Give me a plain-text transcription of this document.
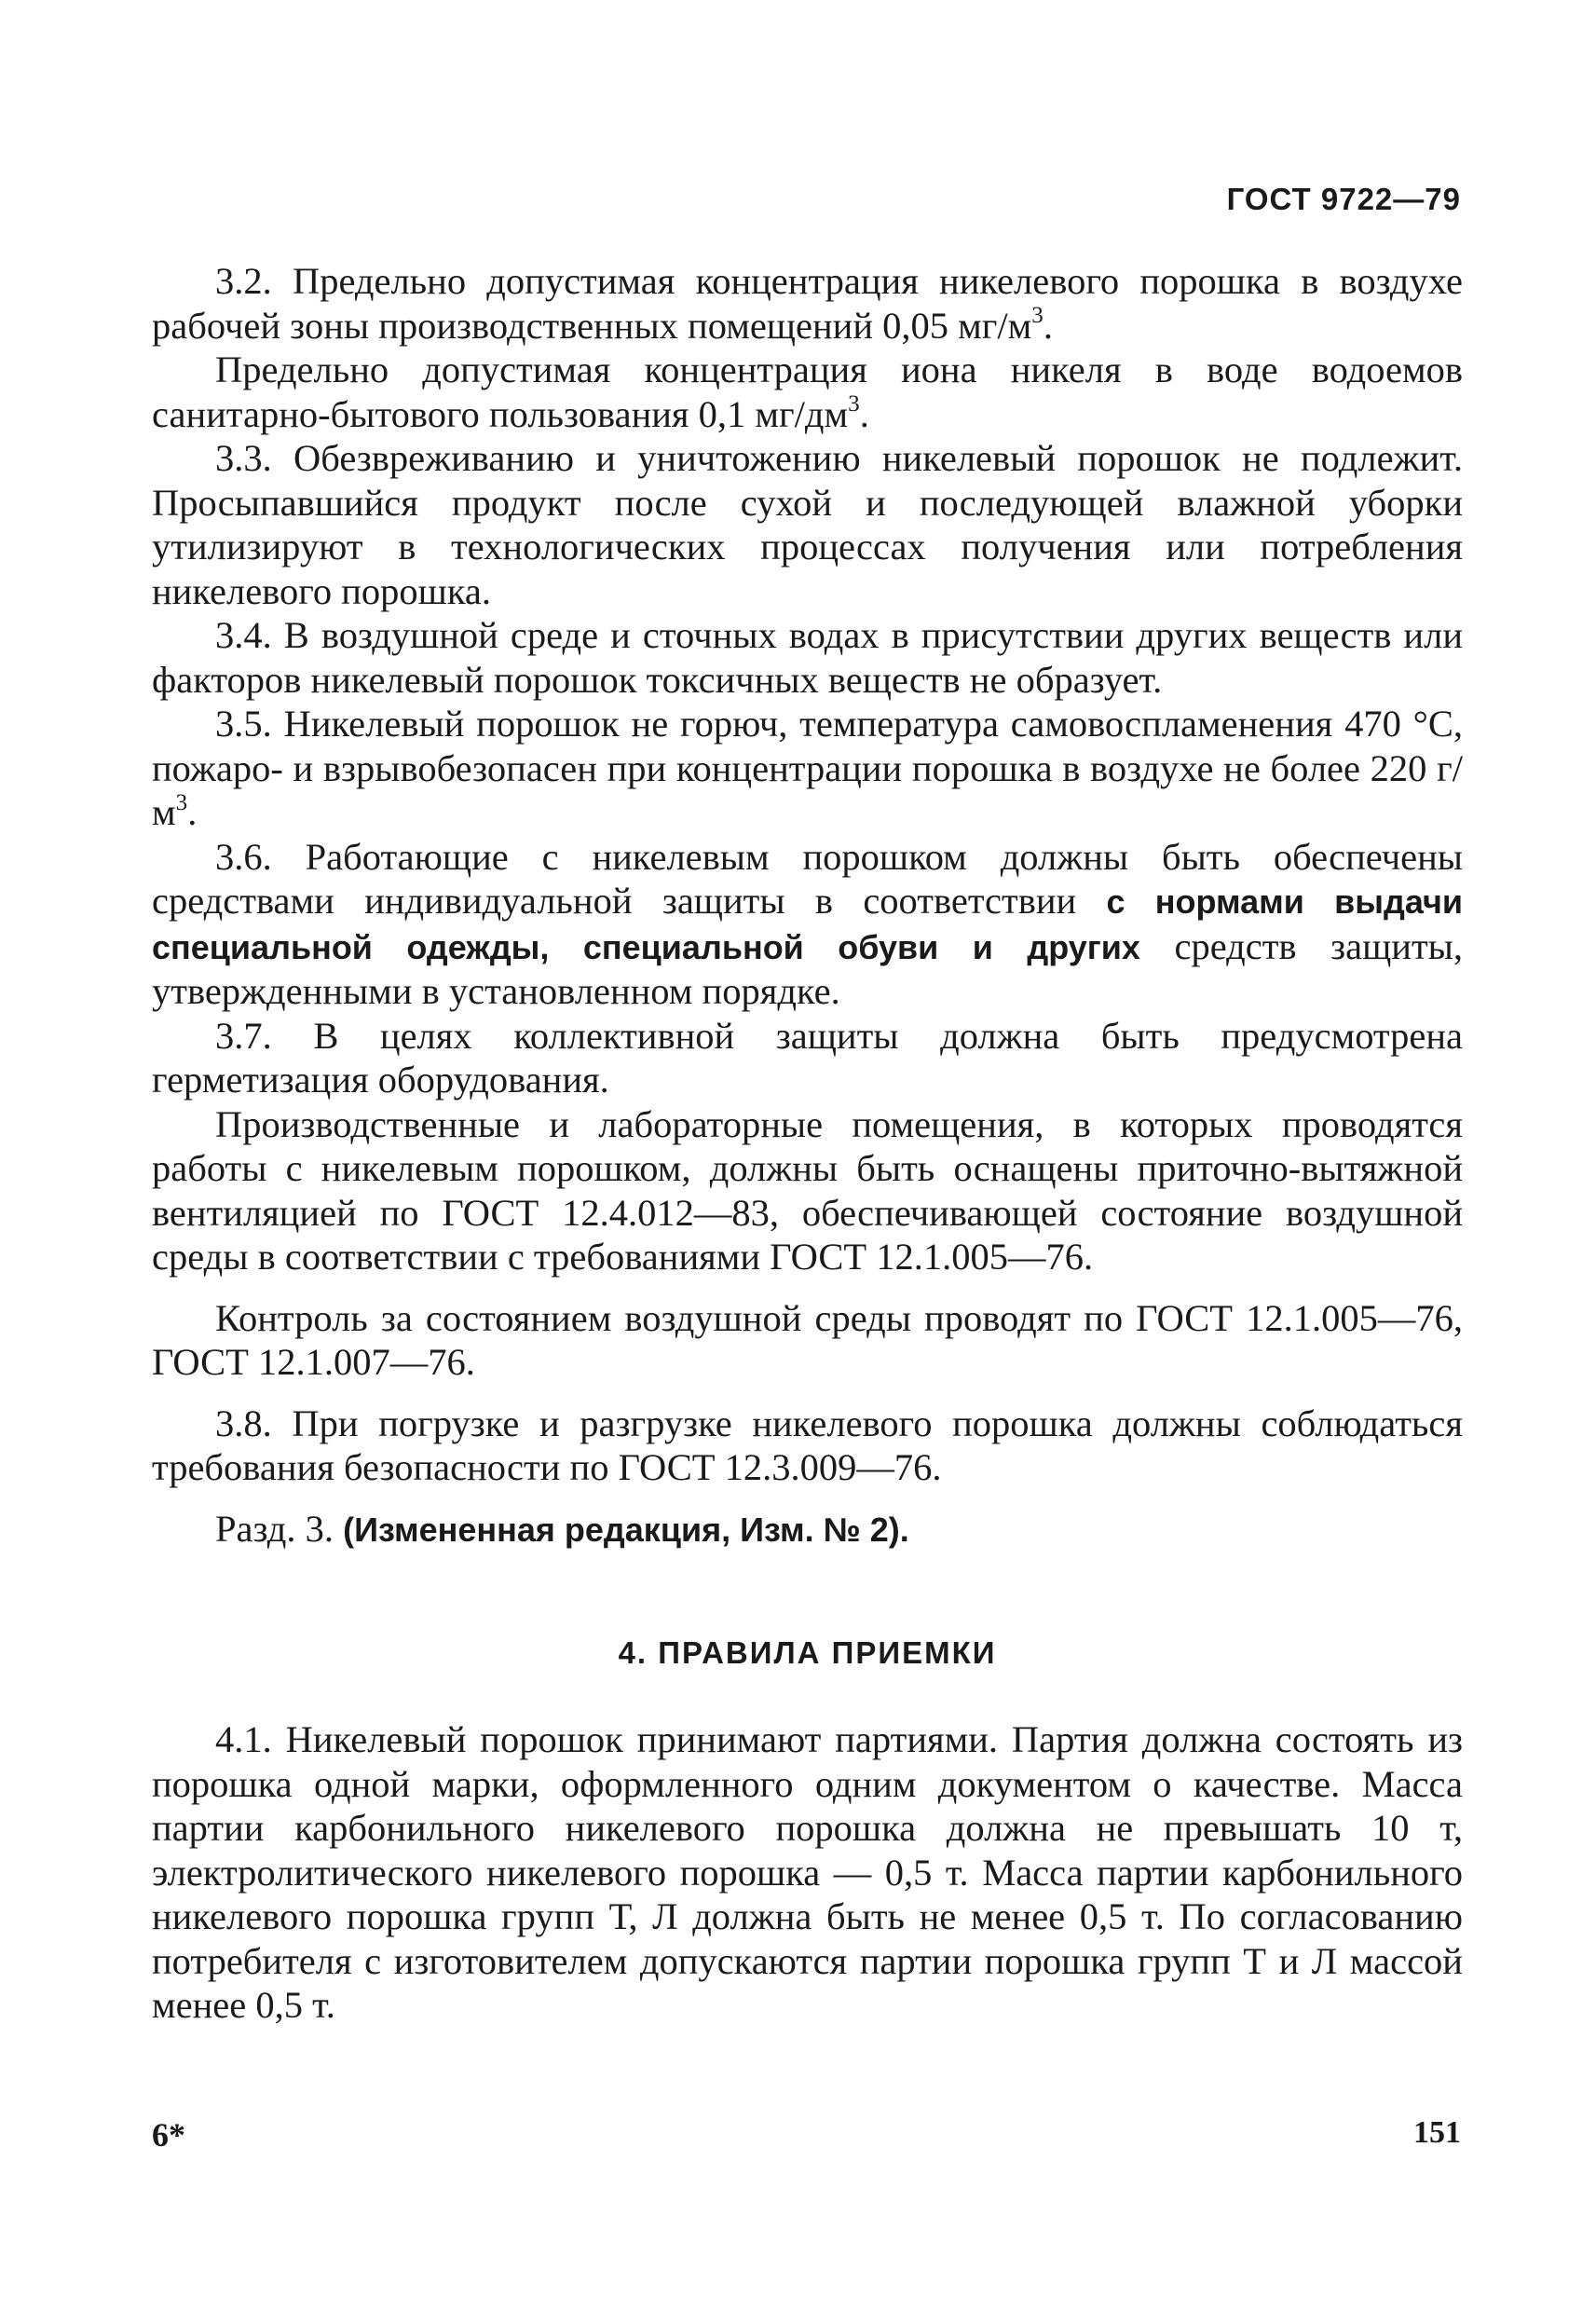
ГОСТ 9722—79

3.2. Предельно допустимая концентрация никелевого порошка в воздухе рабочей зоны производственных помещений 0,05 $мг/м^3$.

Предельно допустимая концентрация иона никеля в воде водоемов санитарно-бытового пользования 0,1 $мг/дм^3$.

3.3. Обезвреживанию и уничтожению никелевый порошок не подлежит. Просыпавшийся продукт после сухой и последующей влажной уборки утилизируют в технологических процессах получения или потребления никелевого порошка.

3.4. В воздушной среде и сточных водах в присутствии других веществ или факторов никелевый порошок токсичных веществ не образует.

3.5. Никелевый порошок не горюч, температура самовоспламенения 470 °С, пожаро- и взрывобезопасен при концентрации порошка в воздухе не более 220 $г/м^3$.

3.6. Работающие с никелевым порошком должны быть обеспечены средствами индивидуальной защиты в соответствии с нормами выдачи специальной одежды, специальной обуви и других средств защиты, утвержденными в установленном порядке.

3.7. В целях коллективной защиты должна быть предусмотрена герметизация оборудования.

Производственные и лабораторные помещения, в которых проводятся работы с никелевым порошком, должны быть оснащены приточно-вытяжной вентиляцией по ГОСТ 12.4.012—83, обеспечивающей состояние воздушной среды в соответствии с требованиями ГОСТ 12.1.005—76.

Контроль за состоянием воздушной среды проводят по ГОСТ 12.1.005—76, ГОСТ 12.1.007—76.

3.8. При погрузке и разгрузке никелевого порошка должны соблюдаться требования безопасности по ГОСТ 12.3.009—76.

Разд. 3. (Измененная редакция, Изм. № 2).

4. ПРАВИЛА ПРИЕМКИ

4.1. Никелевый порошок принимают партиями. Партия должна состоять из порошка одной марки, оформленного одним документом о качестве. Масса партии карбонильного никелевого порошка должна не превышать 10 т, электролитического никелевого порошка — 0,5 т. Масса партии карбонильного никелевого порошка групп Т, Л должна быть не менее 0,5 т. По согласованию потребителя с изготовителем допускаются партии порошка групп Т и Л массой менее 0,5 т.

6*	151
